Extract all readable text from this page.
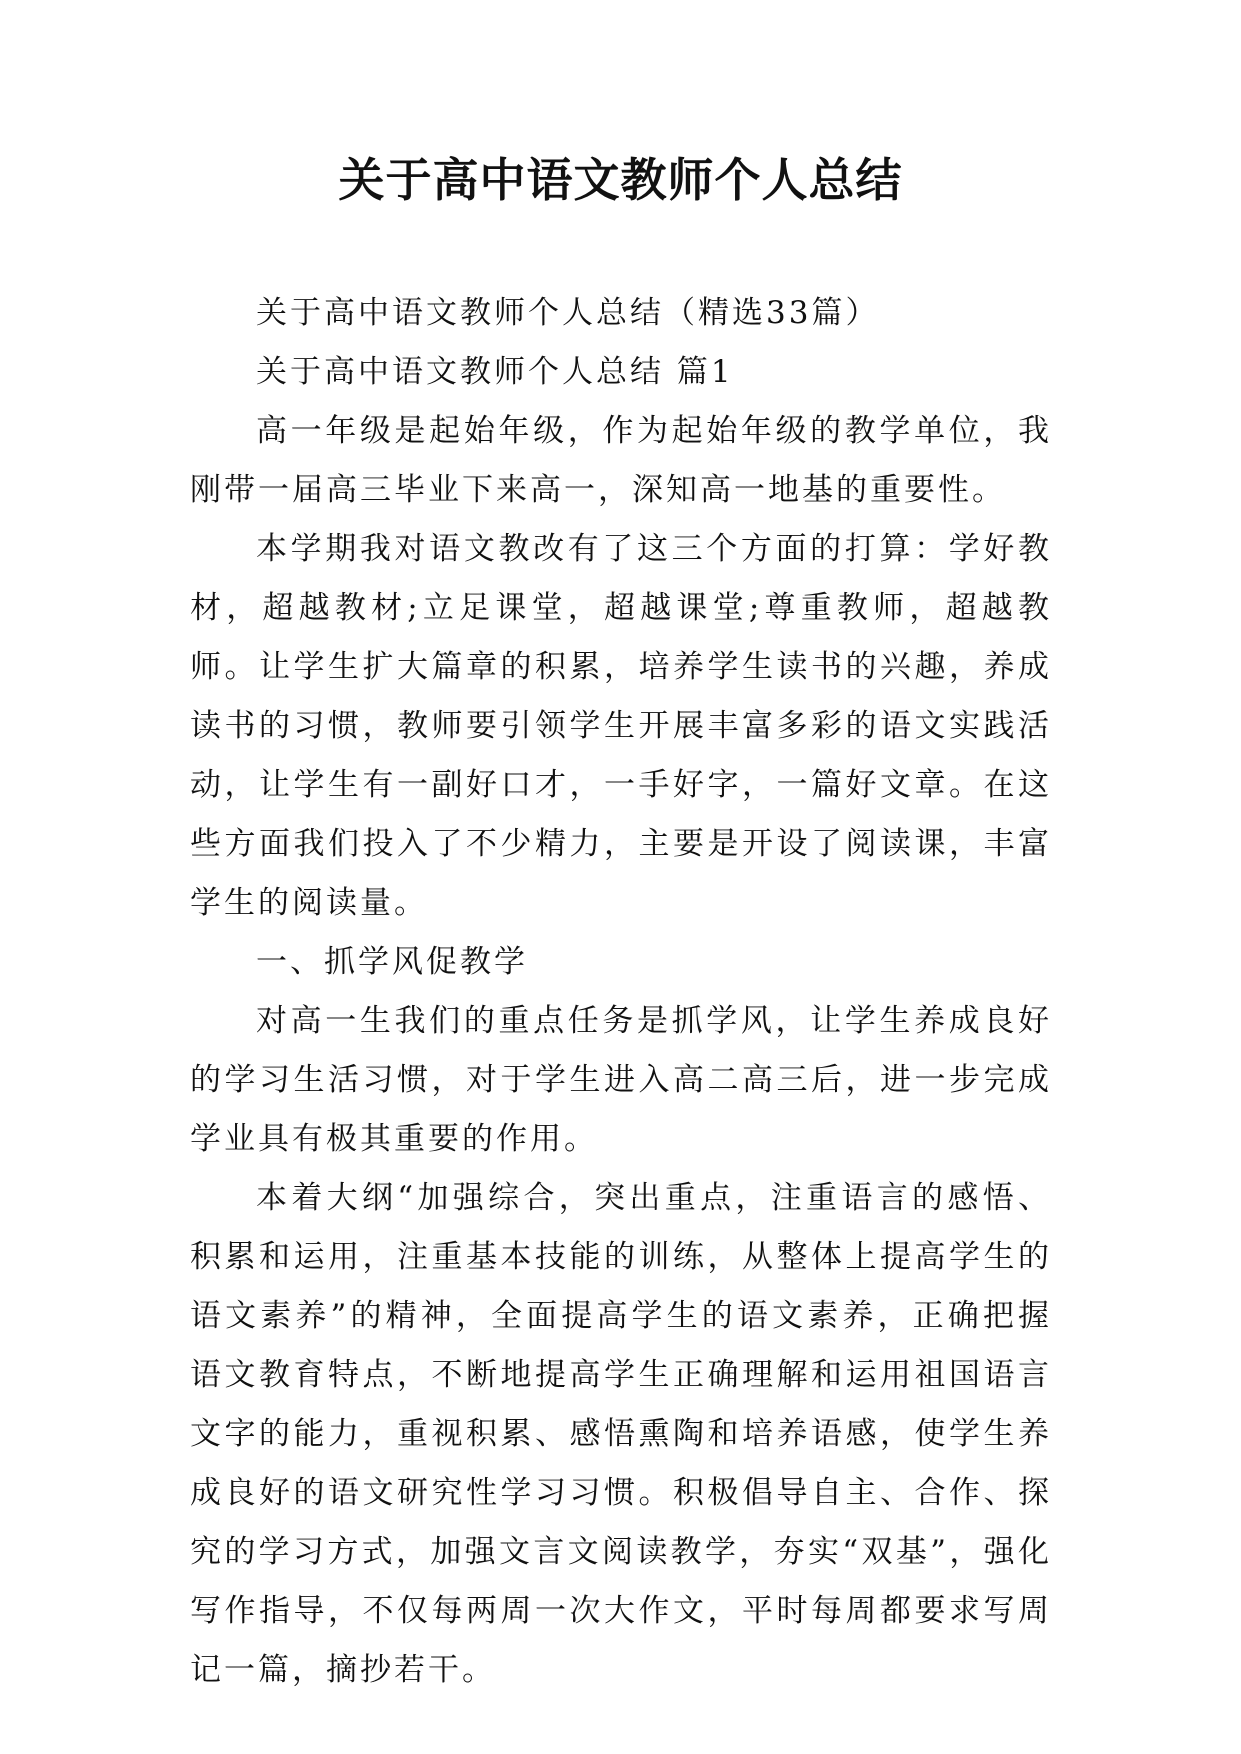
关于高中语文教师个人总结

关于高中语文教师个人总结（精选33篇）

关于高中语文教师个人总结 篇1

高一年级是起始年级，作为起始年级的教学单位，我刚带一届高三毕业下来高一，深知高一地基的重要性。

本学期我对语文教改有了这三个方面的打算：学好教材，超越教材;立足课堂，超越课堂;尊重教师，超越教师。让学生扩大篇章的积累，培养学生读书的兴趣，养成读书的习惯，教师要引领学生开展丰富多彩的语文实践活动，让学生有一副好口才，一手好字，一篇好文章。在这些方面我们投入了不少精力，主要是开设了阅读课，丰富学生的阅读量。

一、抓学风促教学

对高一生我们的重点任务是抓学风，让学生养成良好的学习生活习惯，对于学生进入高二高三后，进一步完成学业具有极其重要的作用。

本着大纲“加强综合，突出重点，注重语言的感悟、积累和运用，注重基本技能的训练，从整体上提高学生的语文素养”的精神，全面提高学生的语文素养，正确把握语文教育特点，不断地提高学生正确理解和运用祖国语言文字的能力，重视积累、感悟熏陶和培养语感，使学生养成良好的语文研究性学习习惯。积极倡导自主、合作、探究的学习方式，加强文言文阅读教学，夯实“双基”，强化写作指导，不仅每两周一次大作文，平时每周都要求写周记一篇，摘抄若干。
